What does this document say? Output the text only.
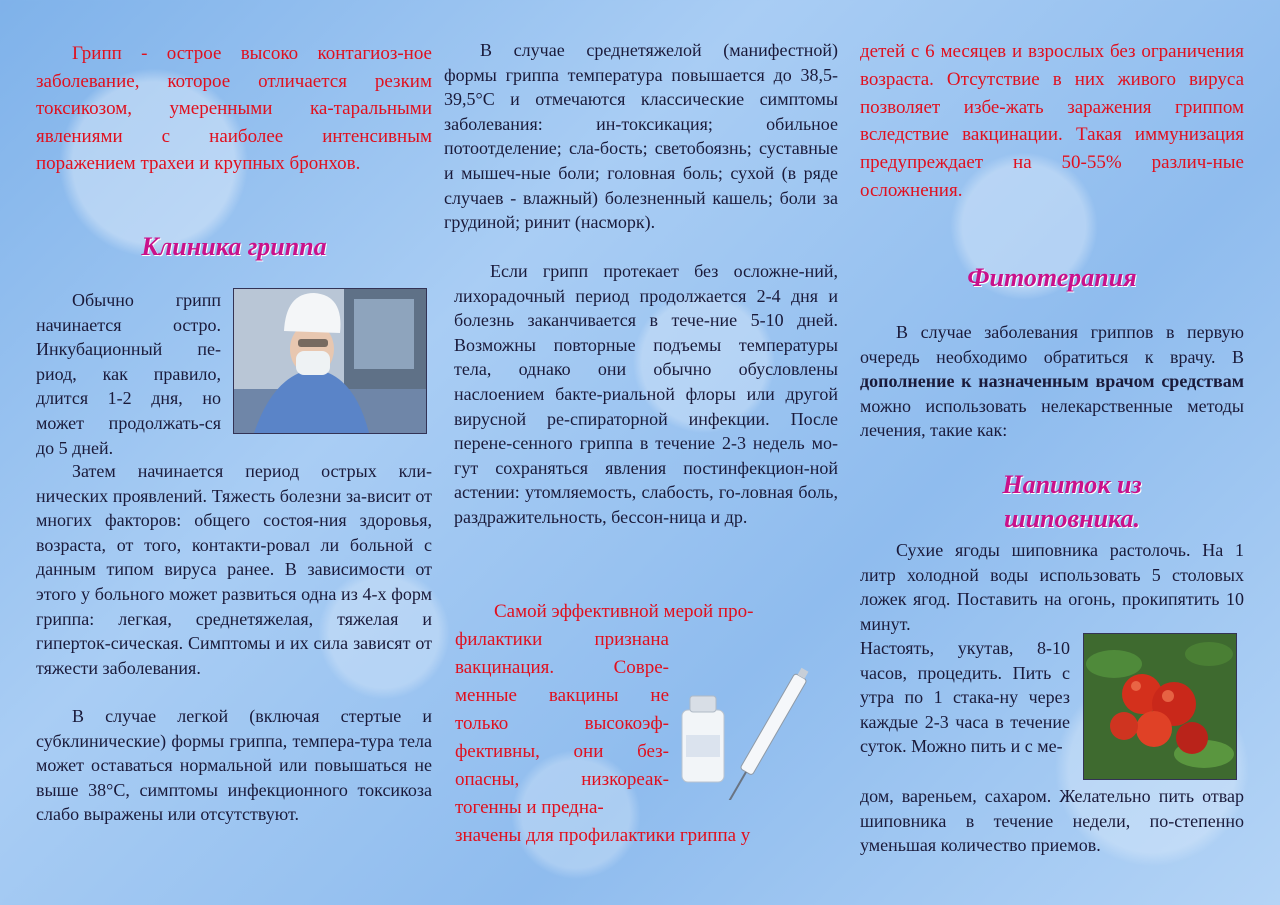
Грипп - острое высоко контагиоз-ное заболевание, которое отличается резким токсикозом, умеренными ка-таральными явлениями с наиболее интенсивным поражением трахеи и крупных бронхов.

Клиника гриппа

Обычно грипп начинается остро. Инкубационный пе-риод, как правило, длится 1-2 дня, но может продолжать-ся до 5 дней.

Затем начинается период острых кли-нических проявлений. Тяжесть болезни за-висит от многих факторов: общего состоя-ния здоровья, возраста, от того, контакти-ровал ли больной с данным типом вируса ранее. В зависимости от этого у больного может развиться одна из 4-х форм гриппа: легкая, среднетяжелая, тяжелая и гиперток-сическая. Симптомы и их сила зависят от тяжести заболевания.

В случае легкой (включая стертые и субклинические) формы гриппа, темпера-тура тела может оставаться нормальной или повышаться не выше 38°С, симптомы инфекционного токсикоза слабо выражены или отсутствуют.

В случае среднетяжелой (манифестной) формы гриппа температура повышается до 38,5-39,5°С и отмечаются классические симптомы заболевания: ин-токсикация; обильное потоотделение; сла-бость; светобоязнь; суставные и мышеч-ные боли; головная боль; сухой (в ряде случаев - влажный) болезненный кашель; боли за грудиной; ринит (насморк).

Если грипп протекает без осложне-ний, лихорадочный период продолжается 2-4 дня и болезнь заканчивается в тече-ние 5-10 дней. Возможны повторные подъемы температуры тела, однако они обычно обусловлены наслоением бакте-риальной флоры или другой вирусной ре-спираторной инфекции. После перене-сенного гриппа в течение 2-3 недель мо-гут сохраняться явления постинфекцион-ной астении: утомляемость, слабость, го-ловная боль, раздражительность, бессон-ница и др.

Самой эффективной мерой про-

филактики признана вакцинация. Совре-менные вакцины не только высокоэф-фективны, они без-опасны, низкореак-тогенны и предна-

значены для профилактики гриппа у

детей с 6 месяцев и взрослых без ограничения возраста. Отсутствие в них живого вируса позволяет избе-жать заражения гриппом вследствие вакцинации. Такая иммунизация предупреждает на 50-55% различ-ные осложнения.

Фитотерапия

В случае заболевания гриппов в первую очередь необходимо обратиться к врачу. В дополнение к назначенным врачом средствам можно использовать нелекарственные методы лечения, такие как:

Напиток из
шиповника.

Сухие ягоды шиповника растолочь. На 1 литр холодной воды использовать 5 столовых ложек ягод. Поставить на огонь, прокипятить 10 минут.

Настоять, укутав, 8-10 часов, процедить. Пить с утра по 1 стака-ну через каждые 2-3 часа в течение суток. Можно пить и с ме-

дом, вареньем, сахаром. Желательно пить отвар шиповника в течение недели, по-степенно уменьшая количество приемов.
